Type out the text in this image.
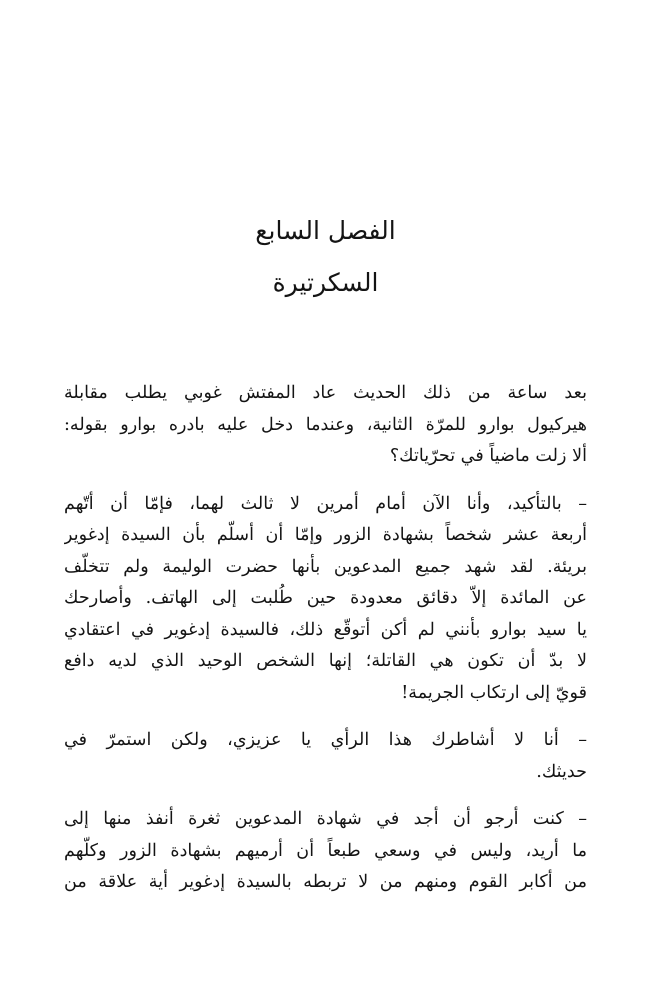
الفصل السابع
السكرتيرة
بعد ساعة من ذلك الحديث عاد المفتش غوبي يطلب مقابلة
هيركيول بوارو للمرّة الثانية، وعندما دخل عليه بادره بوارو بقوله:
ألا زلت ماضياً في تحرّياتك؟
– بالتأكيد، وأنا الآن أمام أمرين لا ثالث لهما، فإمّا أن أتّهم
أربعة عشر شخصاً بشهادة الزور وإمّا أن أسلّم بأن السيدة إدغوير
بريئة. لقد شهد جميع المدعوين بأنها حضرت الوليمة ولم تتخلّف
عن المائدة إلاّ دقائق معدودة حين طُلبت إلى الهاتف. وأصارحك
يا سيد بوارو بأنني لم أكن أتوقّع ذلك، فالسيدة إدغوير في اعتقادي
لا بدّ أن تكون هي القاتلة؛ إنها الشخص الوحيد الذي لديه دافع
قويّ إلى ارتكاب الجريمة!
– أنا لا أشاطرك هذا الرأي يا عزيزي، ولكن استمرّ في
حديثك.
– كنت أرجو أن أجد في شهادة المدعوين ثغرة أنفذ منها إلى
ما أريد، وليس في وسعي طبعاً أن أرميهم بشهادة الزور وكلّهم
من أكابر القوم ومنهم من لا تربطه بالسيدة إدغوير أية علاقة من
